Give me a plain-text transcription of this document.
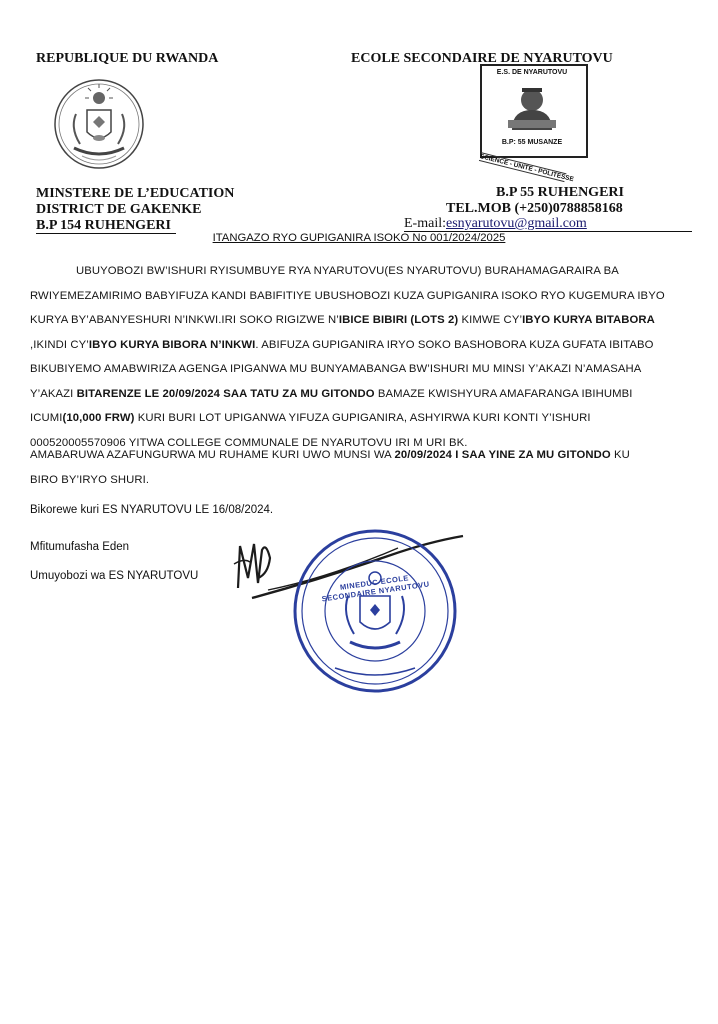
REPUBLIQUE DU RWANDA
MINSTERE DE L’EDUCATION
DISTRICT DE GAKENKE
B.P 154 RUHENGERI
ECOLE SECONDAIRE DE NYARUTOVU
E.S. DE NYARUTOVU
B.P: 55 MUSANZE
SCIENCE - UNITE - POLITESSE
B.P 55 RUHENGERI
TEL.MOB (+250)0788858168
E-mail:esnyarutovu@gmail.com
ITANGAZO RYO GUPIGANIRA ISOKO No 001/2024/2025
UBUYOBOZI BW’ISHURI RYISUMBUYE RYA NYARUTOVU(ES NYARUTOVU) BURAHAMAGARAIRA BA
RWIYEMEZAMIRIMO BABYIFUZA KANDI BABIFITIYE UBUSHOBOZI KUZA GUPIGANIRA ISOKO RYO KUGEMURA IBYO
KURYA BY’ABANYESHURI N’INKWI.IRI SOKO RIGIZWE N’IBICE BIBIRI (LOTS 2) KIMWE CY’IBYO KURYA BITABORA
,IKINDI CY’IBYO KURYA BIBORA N’INKWI. ABIFUZA GUPIGANIRA IRYO SOKO BASHOBORA KUZA GUFATA IBITABO
BIKUBIYEMO AMABWIRIZA AGENGA IPIGANWA MU BUNYAMABANGA BW’ISHURI MU MINSI Y’AKAZI N’AMASAHA
Y’AKAZI BITARENZE LE 20/09/2024 SAA TATU ZA MU GITONDO BAMAZE KWISHYURA AMAFARANGA IBIHUMBI
ICUMI(10,000 FRW) KURI BURI LOT UPIGANWA YIFUZA GUPIGANIRA, ASHYIRWA KURI KONTI Y’ISHURI
000520005570906 YITWA COLLEGE COMMUNALE DE NYARUTOVU IRI M URI BK.
AMABARUWA AZAFUNGURWA MU RUHAME KURI UWO MUNSI WA 20/09/2024 I SAA YINE ZA MU GITONDO KU
BIRO BY’IRYO SHURI.
Bikorewe kuri ES NYARUTOVU LE 16/08/2024.
Mfitumufasha Eden
Umuyobozi wa ES NYARUTOVU	MINEDUC ECOLE SECONDAIRE NYARUTOVU
